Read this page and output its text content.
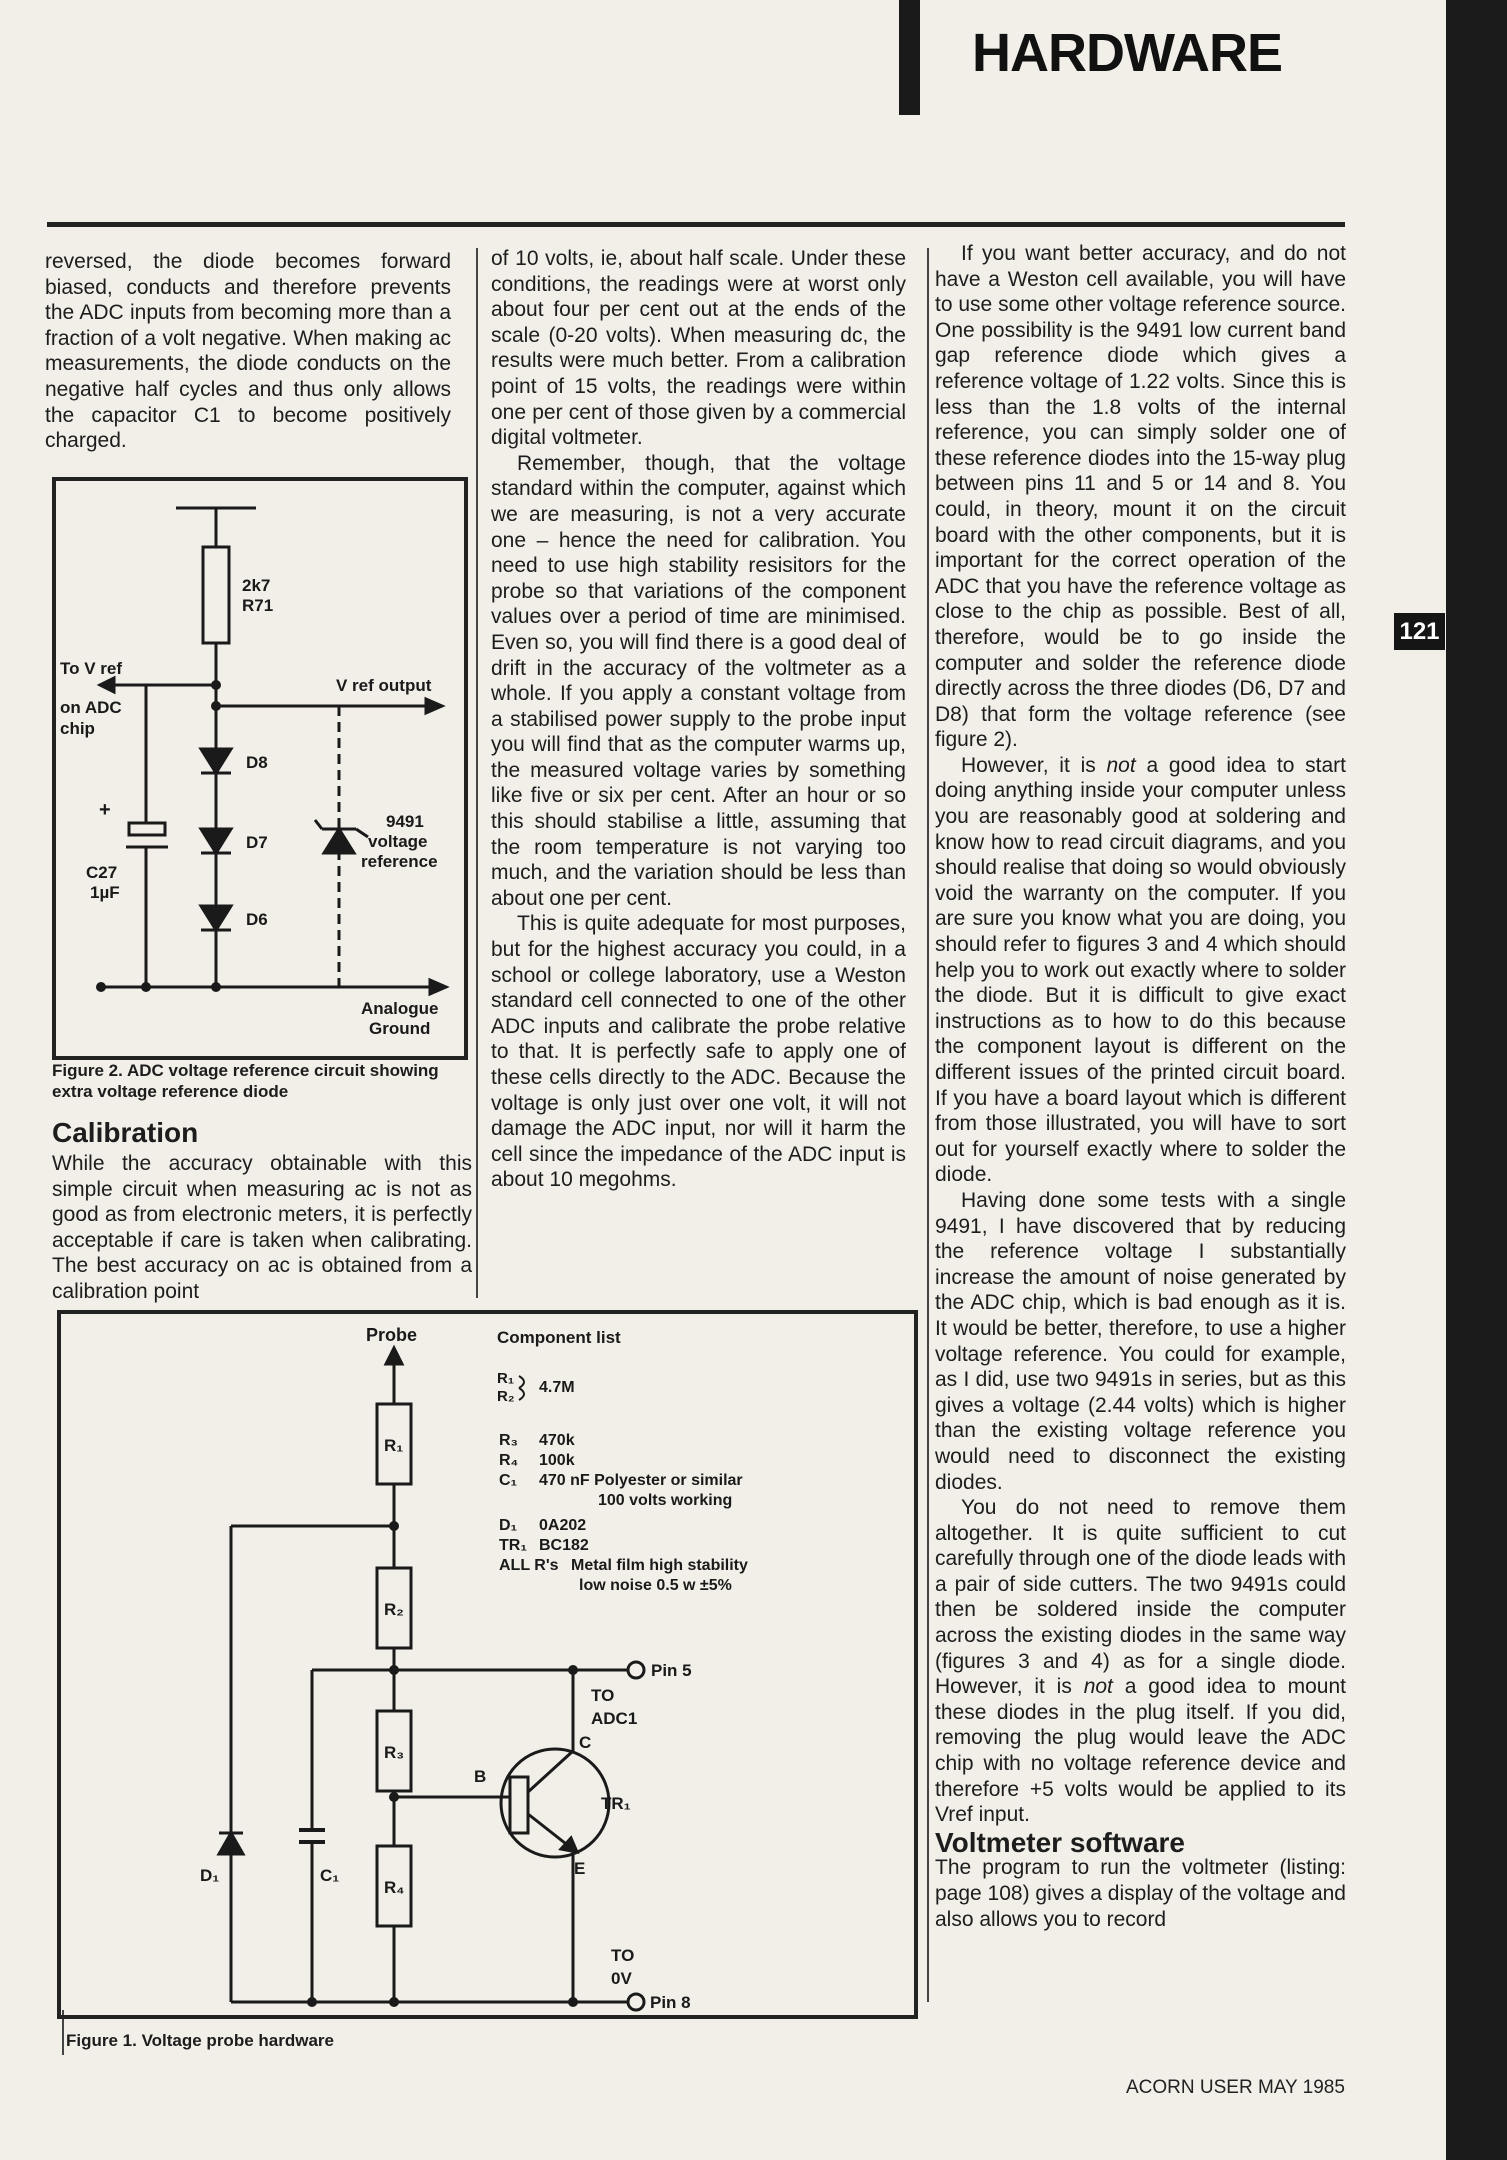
HARDWARE
121

reversed, the diode becomes forward biased, conducts and therefore prevents the ADC inputs from becoming more than a fraction of a volt negative. When making ac measurements, the diode conducts on the negative half cycles and thus only allows the capacitor C1 to become positively charged.

2k7
R71
To V ref
on ADC
chip
V ref output
D8
D7
D6
9491
voltage
reference
+
C27
1µF
Analogue
Ground
Figure 2. ADC voltage reference circuit showing extra voltage reference diode
Calibration
While the accuracy obtainable with this simple circuit when measuring ac is not as good as from electronic meters, it is perfectly acceptable if care is taken when calibrating. The best accuracy on ac is obtained from a calibration point

of 10 volts, ie, about half scale. Under these conditions, the readings were at worst only about four per cent out at the ends of the scale (0-20 volts). When measuring dc, the results were much better. From a calibration point of 15 volts, the readings were within one per cent of those given by a commercial digital voltmeter.

Remember, though, that the voltage standard within the computer, against which we are measuring, is not a very accurate one – hence the need for calibration. You need to use high stability resisitors for the probe so that variations of the component values over a period of time are minimised. Even so, you will find there is a good deal of drift in the accuracy of the voltmeter as a whole. If you apply a constant voltage from a stabilised power supply to the probe input you will find that as the computer warms up, the measured voltage varies by something like five or six per cent. After an hour or so this should stabilise a little, assuming that the room temperature is not varying too much, and the variation should be less than about one per cent.

This is quite adequate for most purposes, but for the highest accuracy you could, in a school or college laboratory, use a Weston standard cell connected to one of the other ADC inputs and calibrate the probe relative to that. It is perfectly safe to apply one of these cells directly to the ADC. Because the voltage is only just over one volt, it will not damage the ADC input, nor will it harm the cell since the impedance of the ADC input is about 10 megohms.

Probe
R₁
R₂
R₃
R₄
Pin 5
TO
ADC1
C
B
TR₁
E
D₁	C₁
TO
0V
Pin 8
Component list
R₁
R₂
4.7M
R₃ 470k
R₄ 100k
C₁ 470 nF Polyester or similar
100 volts working
D₁ 0A202
TR₁ BC182
ALL R's Metal film high stability
low noise 0.5 w ±5%
Figure 1. Voltage probe hardware

If you want better accuracy, and do not have a Weston cell available, you will have to use some other voltage reference source. One possibility is the 9491 low current band gap reference diode which gives a reference voltage of 1.22 volts. Since this is less than the 1.8 volts of the internal reference, you can simply solder one of these reference diodes into the 15-way plug between pins 11 and 5 or 14 and 8. You could, in theory, mount it on the circuit board with the other components, but it is important for the correct operation of the ADC that you have the reference voltage as close to the chip as possible. Best of all, therefore, would be to go inside the computer and solder the reference diode directly across the three diodes (D6, D7 and D8) that form the voltage reference (see figure 2).

However, it is not a good idea to start doing anything inside your computer unless you are reasonably good at soldering and know how to read circuit diagrams, and you should realise that doing so would obviously void the warranty on the computer. If you are sure you know what you are doing, you should refer to figures 3 and 4 which should help you to work out exactly where to solder the diode. But it is difficult to give exact instructions as to how to do this because the component layout is different on the different issues of the printed circuit board. If you have a board layout which is different from those illustrated, you will have to sort out for yourself exactly where to solder the diode.

Having done some tests with a single 9491, I have discovered that by reducing the reference voltage I substantially increase the amount of noise generated by the ADC chip, which is bad enough as it is. It would be better, therefore, to use a higher voltage reference. You could for example, as I did, use two 9491s in series, but as this gives a voltage (2.44 volts) which is higher than the existing voltage reference you would need to disconnect the existing diodes.

You do not need to remove them altogether. It is quite sufficient to cut carefully through one of the diode leads with a pair of side cutters. The two 9491s could then be soldered inside the computer across the existing diodes in the same way (figures 3 and 4) as for a single diode. However, it is not a good idea to mount these diodes in the plug itself. If you did, removing the plug would leave the ADC chip with no voltage reference device and therefore +5 volts would be applied to its Vref input.

Voltmeter software

The program to run the voltmeter (listing: page 108) gives a display of the voltage and also allows you to record

ACORN USER MAY 1985
